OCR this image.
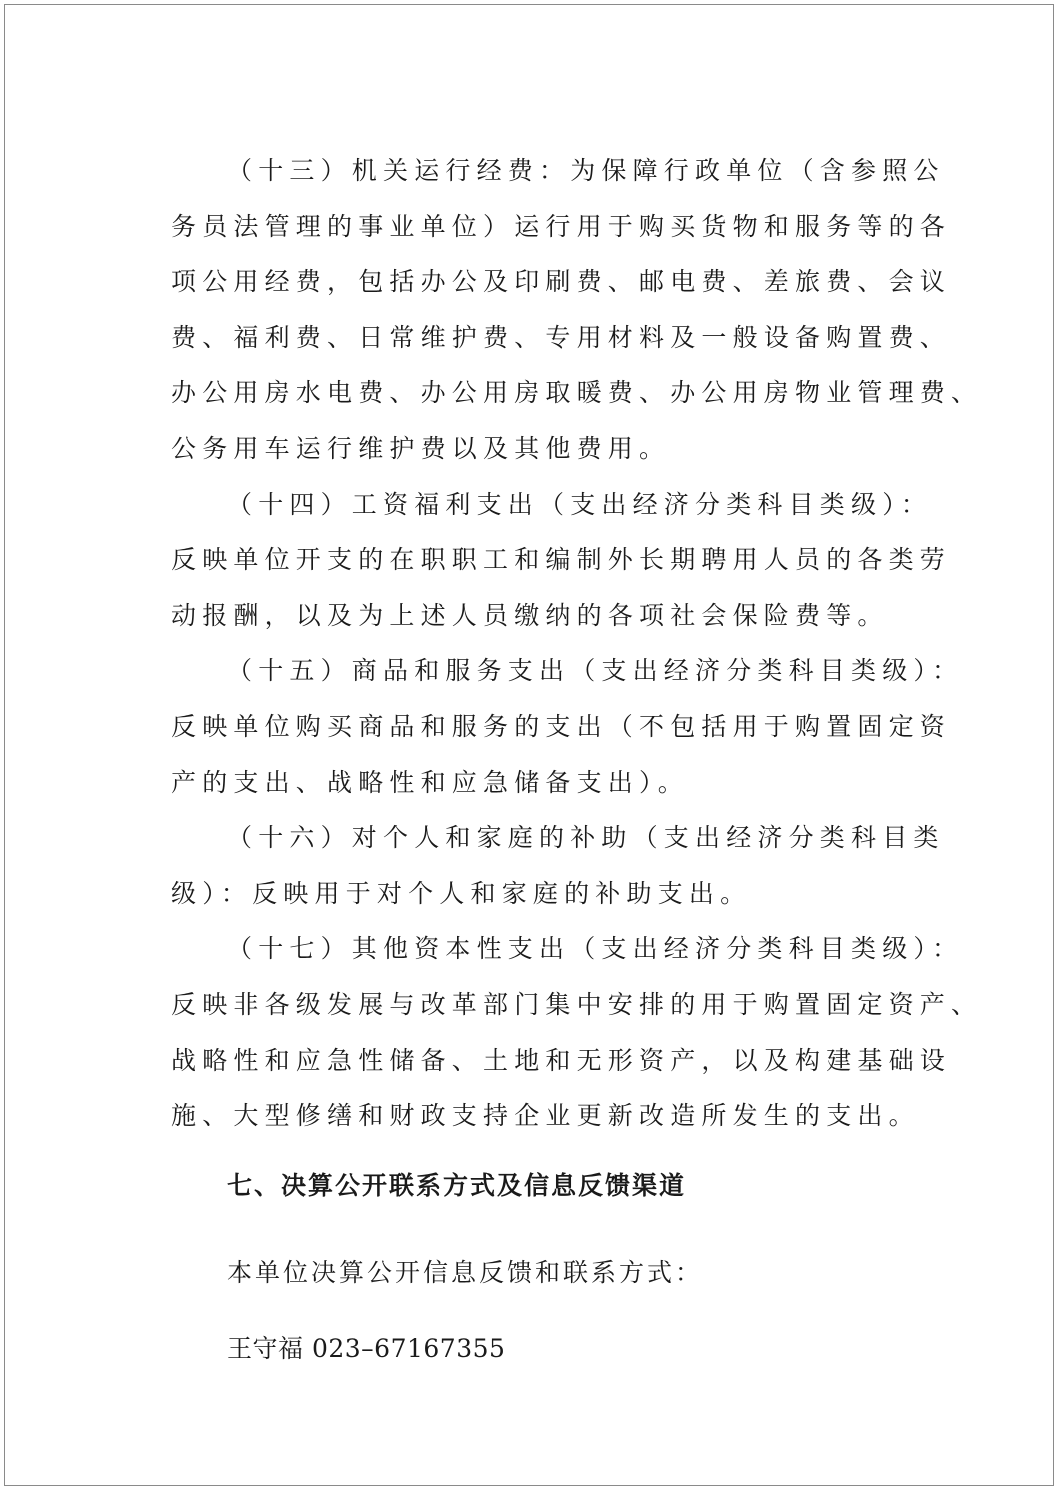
（十三）机关运行经费：为保障行政单位（含参照公
务员法管理的事业单位）运行用于购买货物和服务等的各
项公用经费，包括办公及印刷费、邮电费、差旅费、会议
费、福利费、日常维护费、专用材料及一般设备购置费、
办公用房水电费、办公用房取暖费、办公用房物业管理费、
公务用车运行维护费以及其他费用。

（十四）工资福利支出（支出经济分类科目类级）：
反映单位开支的在职职工和编制外长期聘用人员的各类劳
动报酬，以及为上述人员缴纳的各项社会保险费等。

（十五）商品和服务支出（支出经济分类科目类级）：
反映单位购买商品和服务的支出（不包括用于购置固定资
产的支出、战略性和应急储备支出）。

（十六）对个人和家庭的补助（支出经济分类科目类
级）：反映用于对个人和家庭的补助支出。

（十七）其他资本性支出（支出经济分类科目类级）：
反映非各级发展与改革部门集中安排的用于购置固定资产、
战略性和应急性储备、土地和无形资产，以及构建基础设
施、大型修缮和财政支持企业更新改造所发生的支出。

七、决算公开联系方式及信息反馈渠道
本单位决算公开信息反馈和联系方式：
王守福 023–67167355
